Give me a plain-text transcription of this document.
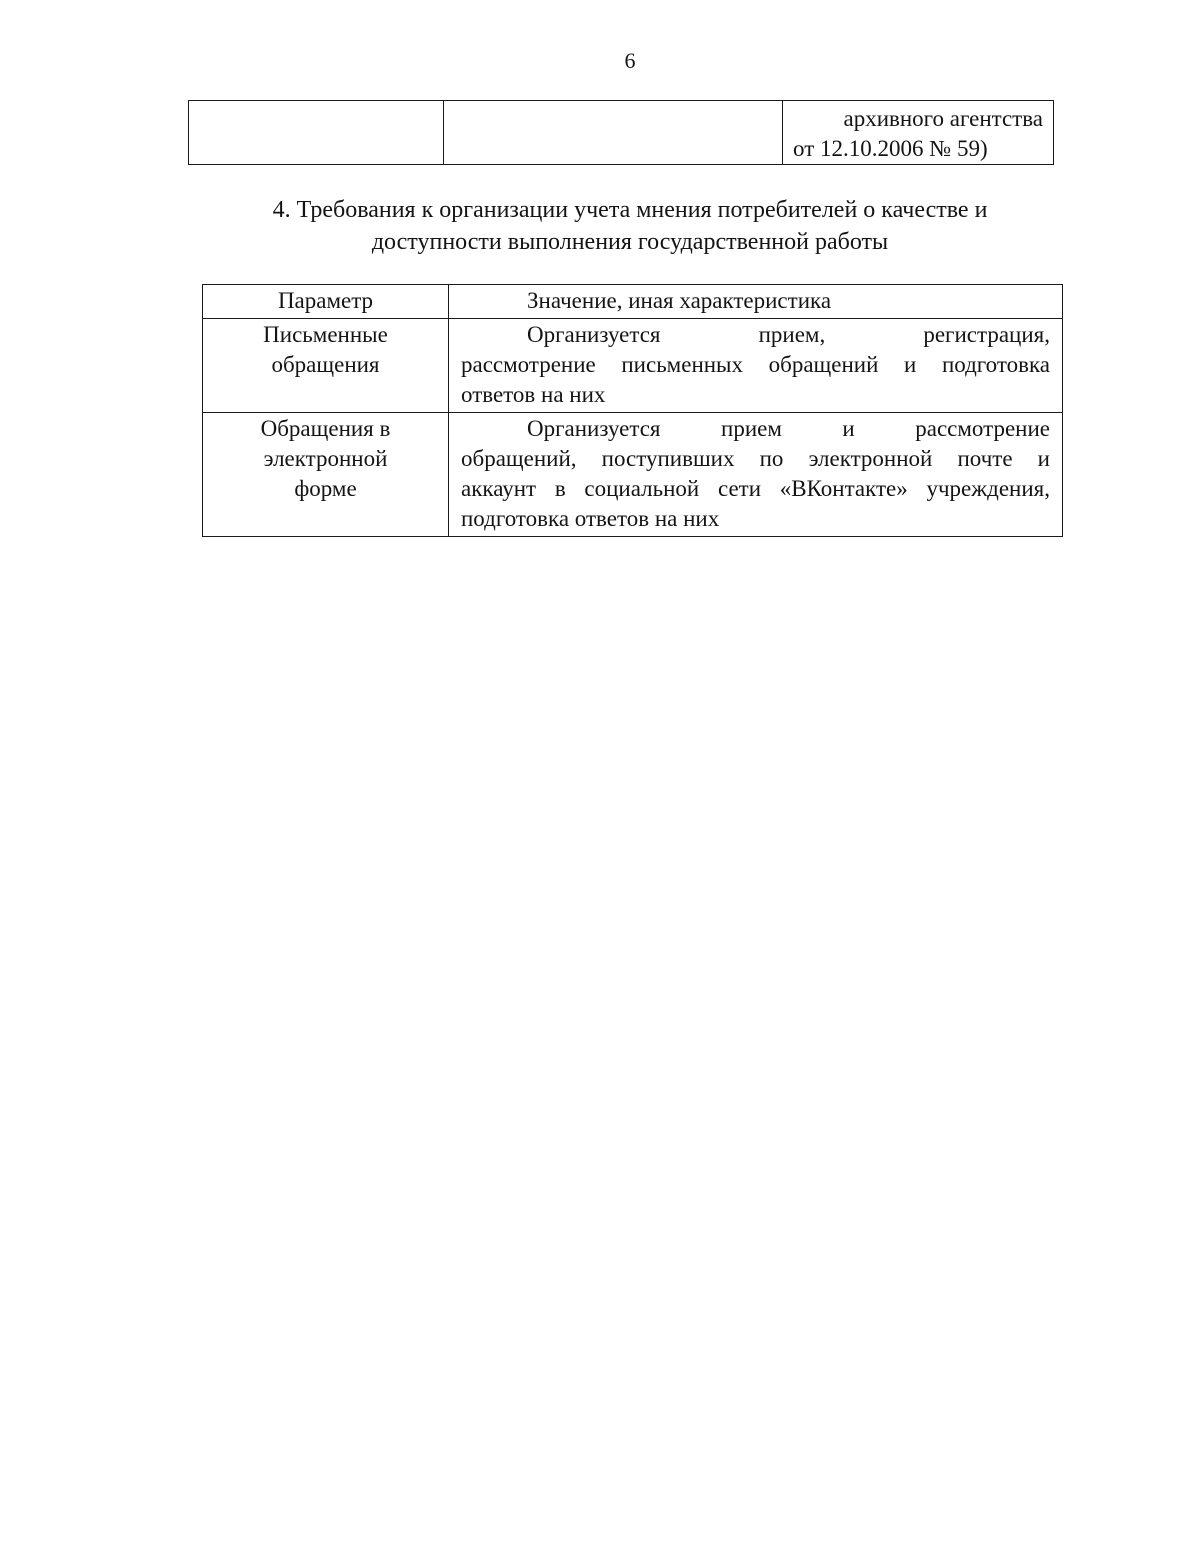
6

архивного агентства
от 12.10.2006 № 59)
4. Требования к организации учета мнения потребителей о качестве и
доступности выполнения государственной работы
Параметр	Значение, иная характеристика

Письменные
обращения	Организуется прием, регистрация,
рассмотрение письменных обращений и подготовка
ответов на них

Обращения в
электронной
форме	Организуется прием и рассмотрение
обращений, поступивших по электронной почте и
аккаунт в социальной сети «ВКонтакте» учреждения,
подготовка ответов на них
